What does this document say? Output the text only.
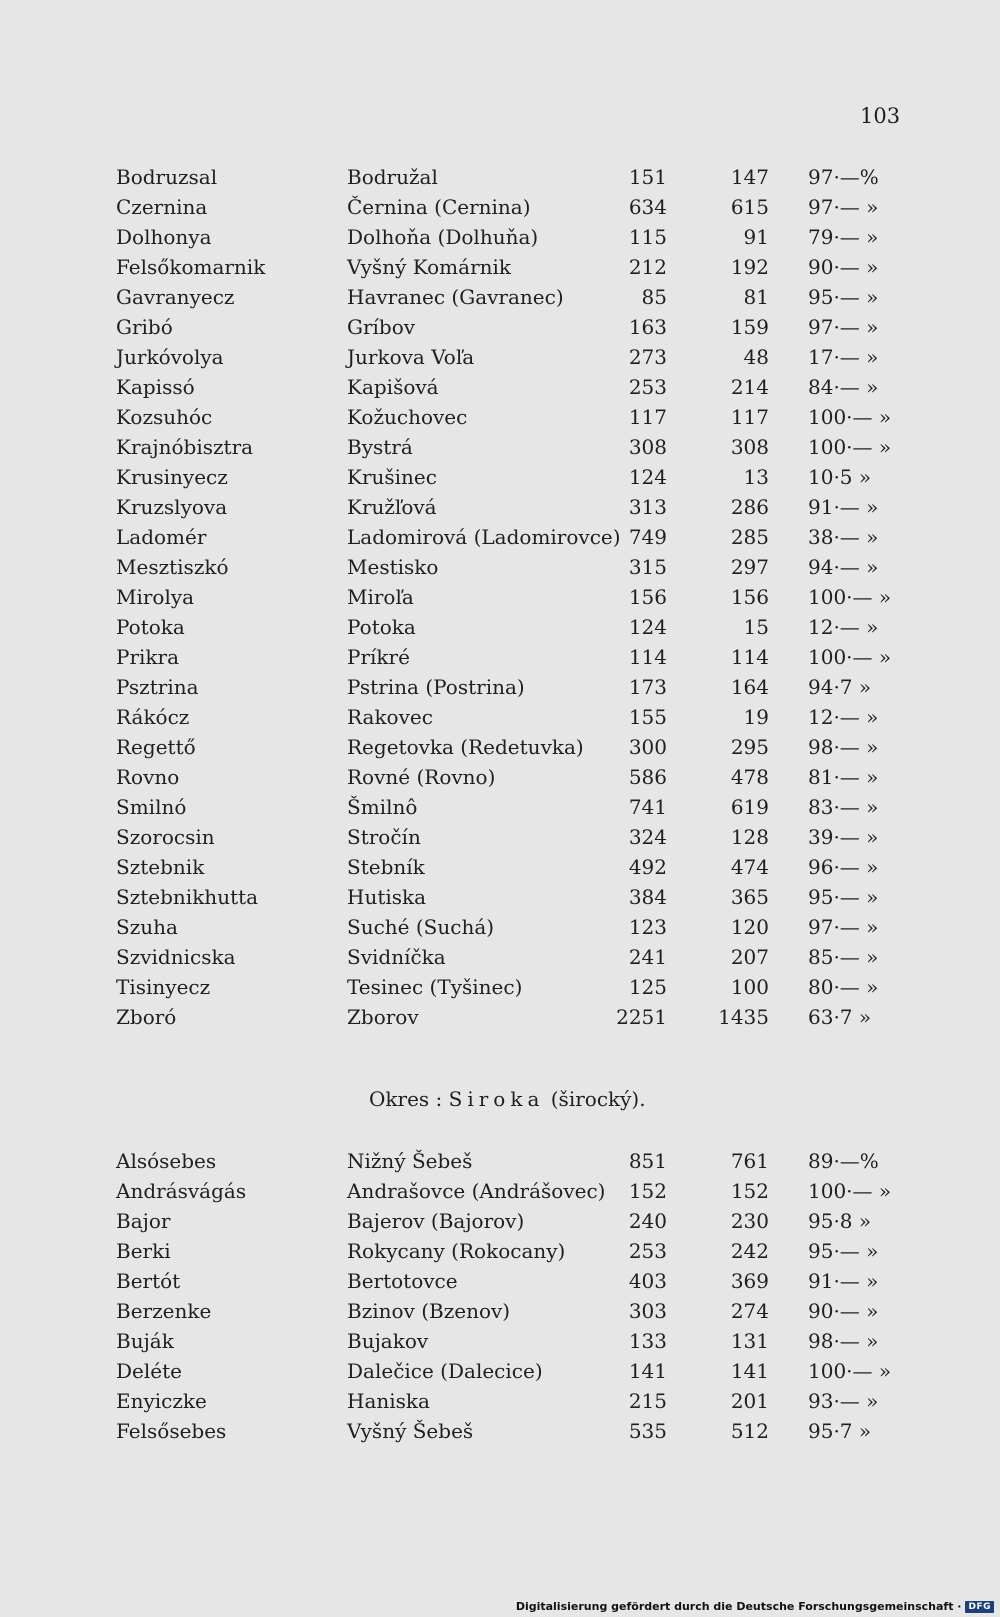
103
Bodruzsal	Bodružal	151	147 97·—%
Czernina	Černina (Cernina)	634	615 97·— »
Dolhonya	Dolhoňa (Dolhuňa)	115	91 79·— »
Felsőkomarnik	Vyšný Komárnik	212	192 90·— »
Gavranyecz	Havranec (Gavranec)	85	81 95·— »
Gribó	Gríbov	163	159 97·— »
Jurkóvolya	Jurkova Voľa	273	48 17·— »
Kapissó	Kapišová	253	214 84·— »
Kozsuhóc	Kožuchovec	117	117 100·— »
Krajnóbisztra	Bystrá	308	308 100·— »
Krusinyecz	Krušinec	124	13 10·5 »
Kruzslyova	Kružľová	313	286 91·— »
Ladomér	Ladomirová (Ladomirovce) 749	285 38·— »
Mesztiszkó	Mestisko	315	297 94·— »
Mirolya	Miroľa	156	156 100·— »
Potoka	Potoka	124	15 12·— »
Prikra	Príkré	114	114 100·— »
Psztrina	Pstrina (Postrina)	173	164 94·7 »
Rákócz	Rakovec	155	19 12·— »
Regettő	Regetovka (Redetuvka) 300	295 98·— »
Rovno	Rovné (Rovno)	586	478 81·— »
Smilnó	Šmilnô	741	619 83·— »
Szorocsin	Stročín	324	128 39·— »
Sztebnik	Stebník	492	474 96·— »
Sztebnikhutta	Hutiska	384	365 95·— »
Szuha	Suché (Suchá)	123	120 97·— »
Szvidnicska	Svidníčka	241	207 85·— »
Tisinyecz	Tesinec (Tyšinec)	125	100 80·— »
Zboró	Zborov	2251	1435 63·7 »
Okres : Siroka (širocký).
Alsósebes	Nižný Šebeš	851	761 89·—%
Andrásvágás	Andrašovce (Andrášovec) 152	152 100·— »
Bajor	Bajerov (Bajorov)	240	230 95·8 »
Berki	Rokycany (Rokocany)	253	242 95·— »
Bertót	Bertotovce	403	369 91·— »
Berzenke	Bzinov (Bzenov)	303	274 90·— »
Buják	Bujakov	133	131 98·— »
Deléte	Dalečice (Dalecice)	141	141 100·— »
Enyiczke	Haniska	215	201 93·— »
Felsősebes	Vyšný Šebeš	535	512 95·7 »
Digitalisierung gefördert durch die Deutsche Forschungsgemeinschaft · DFG
